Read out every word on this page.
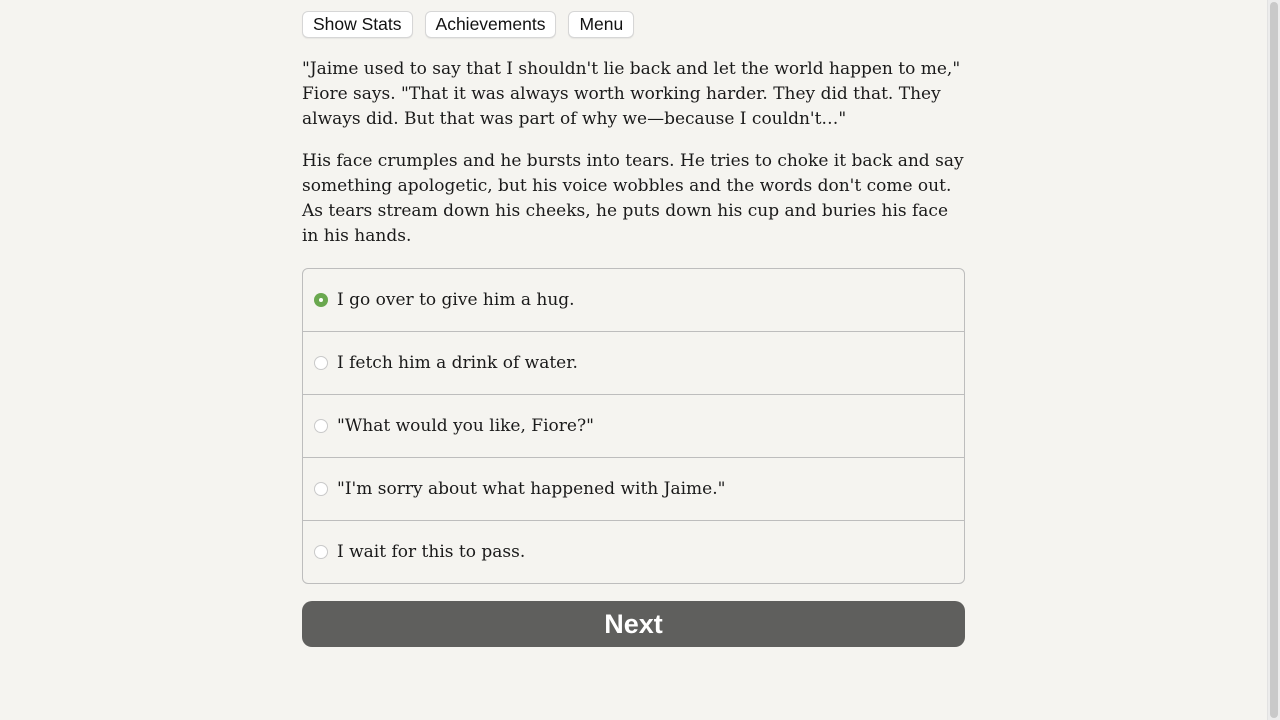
Show Stats	Achievements	Menu

"Jaime used to say that I shouldn't lie back and let the world happen to me," Fiore says. "That it was always worth working harder. They did that. They always did. But that was part of why we—because I couldn't…"

His face crumples and he bursts into tears. He tries to choke it back and say something apologetic, but his voice wobbles and the words don't come out. As tears stream down his cheeks, he puts down his cup and buries his face in his hands.

I go over to give him a hug.
I fetch him a drink of water.
"What would you like, Fiore?"
"I'm sorry about what happened with Jaime."
I wait for this to pass.
Next
